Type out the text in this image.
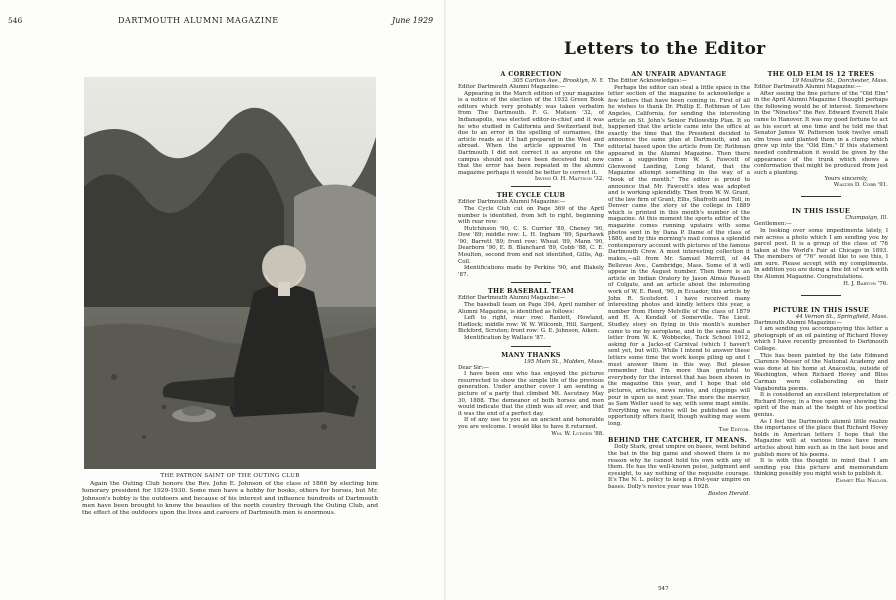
546	DARTMOUTH ALUMNI MAGAZINE	June 1929
THE PATRON SAINT OF THE OUTING CLUB

Again the Outing Club honors the Rev. John E. Johnson of the class of 1866 by electing him honorary president for 1929-1930. Some men have a hobby for books, others for horses, but Mr. Johnson's hobby is the outdoors and because of his interest and influence hundreds of Dartmouth men have been brought to know the beauties of the north country through the Outing Club, and the effect of the outdoors upon the lives and careers of Dartmouth men is enormous.

Letters to the Editor

A CORRECTION

305 Carlton Ave., Brooklyn, N. Y.

Editor Dartmouth Alumni Magazine:—

Appearing in the March edition of your magazine is a notice of the election of the 1932 Green Book editors which very probably was taken verbatim from The Dartmouth. F. G. Matson '32, of Indianapolis, was elected editor-in-chief and it was he who studied in California and Switzerland but, due to an error in the spelling of surnames, the article reads as if I had prepared in the West and abroad. When the article appeared in The Dartmouth I did not correct it as anyone on the campus should not have been deceived but now that the error has been repeated in the alumni magazine perhaps it would be better to correct it.

Irving O. H. Mattson '32.

THE CYCLE CLUB

Editor Dartmouth Alumni Magazine:—

The Cycle Club cut on Page 369 of the April number is identified, from left to right, beginning with rear row:

Hutchinson '90, C. S. Currier '89, Cheney '90, Dow '89; middle row: L. H. Ingham '89, Sparhawk '90, Barrett '89; front row: Wheat '89, Mann '90, Dearborn '90, E. B. Blanchard '89, Cobb '88, C. E. Moulton, second from end not identified, Gillis, Ag. Coll.

Identifications made by Perkins '90, and Blakely '87.

THE BASEBALL TEAM

Editor Dartmouth Alumni Magazine:—

The baseball team on Page 394, April number of Alumni Magazine, is identified as follows:

Left to right, rear row: Ranlett, Howland, Hadlock; middle row: W. W. Wilcomb, Hill, Sargent, Bickford, Scruton; front row: G. E. Johnson, Aiken.

Identification by Wallace '87.

MANY THANKS

195 Main St., Malden, Mass.

Dear Sir:—

I have been one who has enjoyed the pictures resurrected to show the simple life of the previous generation. Under another cover I am sending a picture of a party that climbed Mt. Ascutney May 30, 1888. The demeanor of both horses and men would indicate that the climb was all over, and that it was the end of a perfect day.

If of any use to you as an ancient and honorable you are welcome. I would like to have it returned.

Wm. W. Ludger '88.

AN UNFAIR ADVANTAGE

The Editor Acknowledges:—

Perhaps the editor can steal a little space in the letter section of the magazine to acknowledge a few letters that have been coming in. First of all he wishes to thank Dr. Phillip E. Rothman of Los Angeles, California, for sending the interesting article on St. John's Senior Fellowship Plan. It so happened that the article came into the office at exactly the time that the President decided to announce the same plan at Dartmouth, and an editorial based upon the article from Dr. Rothman appeared in the Alumni Magazine. Then there came a suggestion from W. S. Fawcett of Glenwood Landing, Long Island, that the Magazine attempt something in the way of a "book of the month." The editor is proud to announce that Mr. Fawcett's idea was adopted and is working splendidly. Then from W. W. Grant, of the law firm of Grant, Ellis, Shafroth and Toll, in Denver came the story of the college in 1889 which is printed in this month's number of the magazine. At this moment the sports editor of the magazine comes running upstairs with some photos sent in by Dana P. Dame of the class of 1880, and by this morning's mail comes a splendid contemporary account with pictures of the famous Dartmouth Crew. A most interesting collection it makes,—all from Mr. Samuel Merrill, of 44 Bellevue Ave., Cambridge, Mass. Some of it will appear in the August number. Then there is an article on Indian Oratory by Jason Almus Russell of Colgate, and an article about the interesting work of W. E. Reed, '90, in Ecuador, this article by John R. Scotsford. I have received many interesting photos and kindly letters this year, a number from Henry Melville of the class of 1879 and H. A. Kendall of Somerville. The Lieut. Studley story on flying in this month's number came to me by aeroplane, and in the same mail a letter from W. K. Wobbecke, Tuck School 1912, asking for a Jacko-of Carnival (which I haven't sent yet, but will). While I intend to answer these letters some time the work keeps piling up and I must answer them in this way. But please remember that I'm more than grateful to everybody for the interest that has been shown in the magazine this year, and I hope that old pictures, articles, news notes, and clippings will pour in upon us next year. The more the merrier, as Sam Weller used to say, with some inapt simile. Everything we receive will be published as the opportunity offers itself, though waiting may seem long.

The Editor.

BEHIND THE CATCHER, IT MEANS.

Dolly Stark, great umpire on bases, went behind the bat in the big game and showed there is no reason why he cannot hold his own with any of them. He has the well-known poise, judgment and eyesight, to say nothing of the requisite courage. It's The N. L. policy to keep a first-year umpire on bases. Dolly's novice year was 1928.

Boston Herald.

THE OLD ELM IS 12 TREES

19 Moultrie St., Dorchester, Mass.

Editor Dartmouth Alumni Magazine:—

After seeing the fine picture of the "Old Elm" in the April Alumni Magazine I thought perhaps the following would be of interest. Somewhere in the "Nineties" the Rev. Edward Everett Hale came to Hanover. It was my good fortune to act as his escort at one time and he told me that Senator James W. Patterson took twelve small elm trees and planted them in a clump which grew up into the "Old Elm." If this statement needed confirmation it would be given by the appearance of the trunk which shows a conformation that might be produced from just such a planting.

Yours sincerely,

Walter D. Cobb '91.

IN THIS ISSUE

Champaign, Ill.

Gentlemen:—

In looking over some impedimenta lately, I ran across a photo which I am sending you by parcel post. It is a group of the class of '76 taken at the World's Fair at Chicago in 1893. The members of "76" would like to see this, I am sure. Please accept with my compliments. In addition you are doing a fine bit of work with the Alumni Magazine. Congratulations.

H. J. Barton '76.

PICTURE IN THIS ISSUE

44 Vernon St., Springfield, Mass.

Dartmouth Alumni Magazine:—

I am sending you accompanying this letter a photograph of an oil painting of Richard Hovey which I have recently presented to Dartmouth College.

This has been painted by the late Edmund Clarence Messer of the National Academy and was done at his home at Anacostia, outside of Washington, when Richard Hovey and Bliss Carman were collaborating on their Vagabondia poems.

It is considered an excellent interpretation of Richard Hovey, in a free open way showing the spirit of the man at the height of his poetical genius.

As I feel the Dartmouth alumni little realize the importance of the place that Richard Hovey holds in American letters I hope that the Magazine will at various times have more articles about him such as in the last issue and publish more of his poems.

It is with this thought in mind that I am sending you this picture and memorandum thinking possibly you might wish to publish it.

Emmet Hay Naylor.

547
